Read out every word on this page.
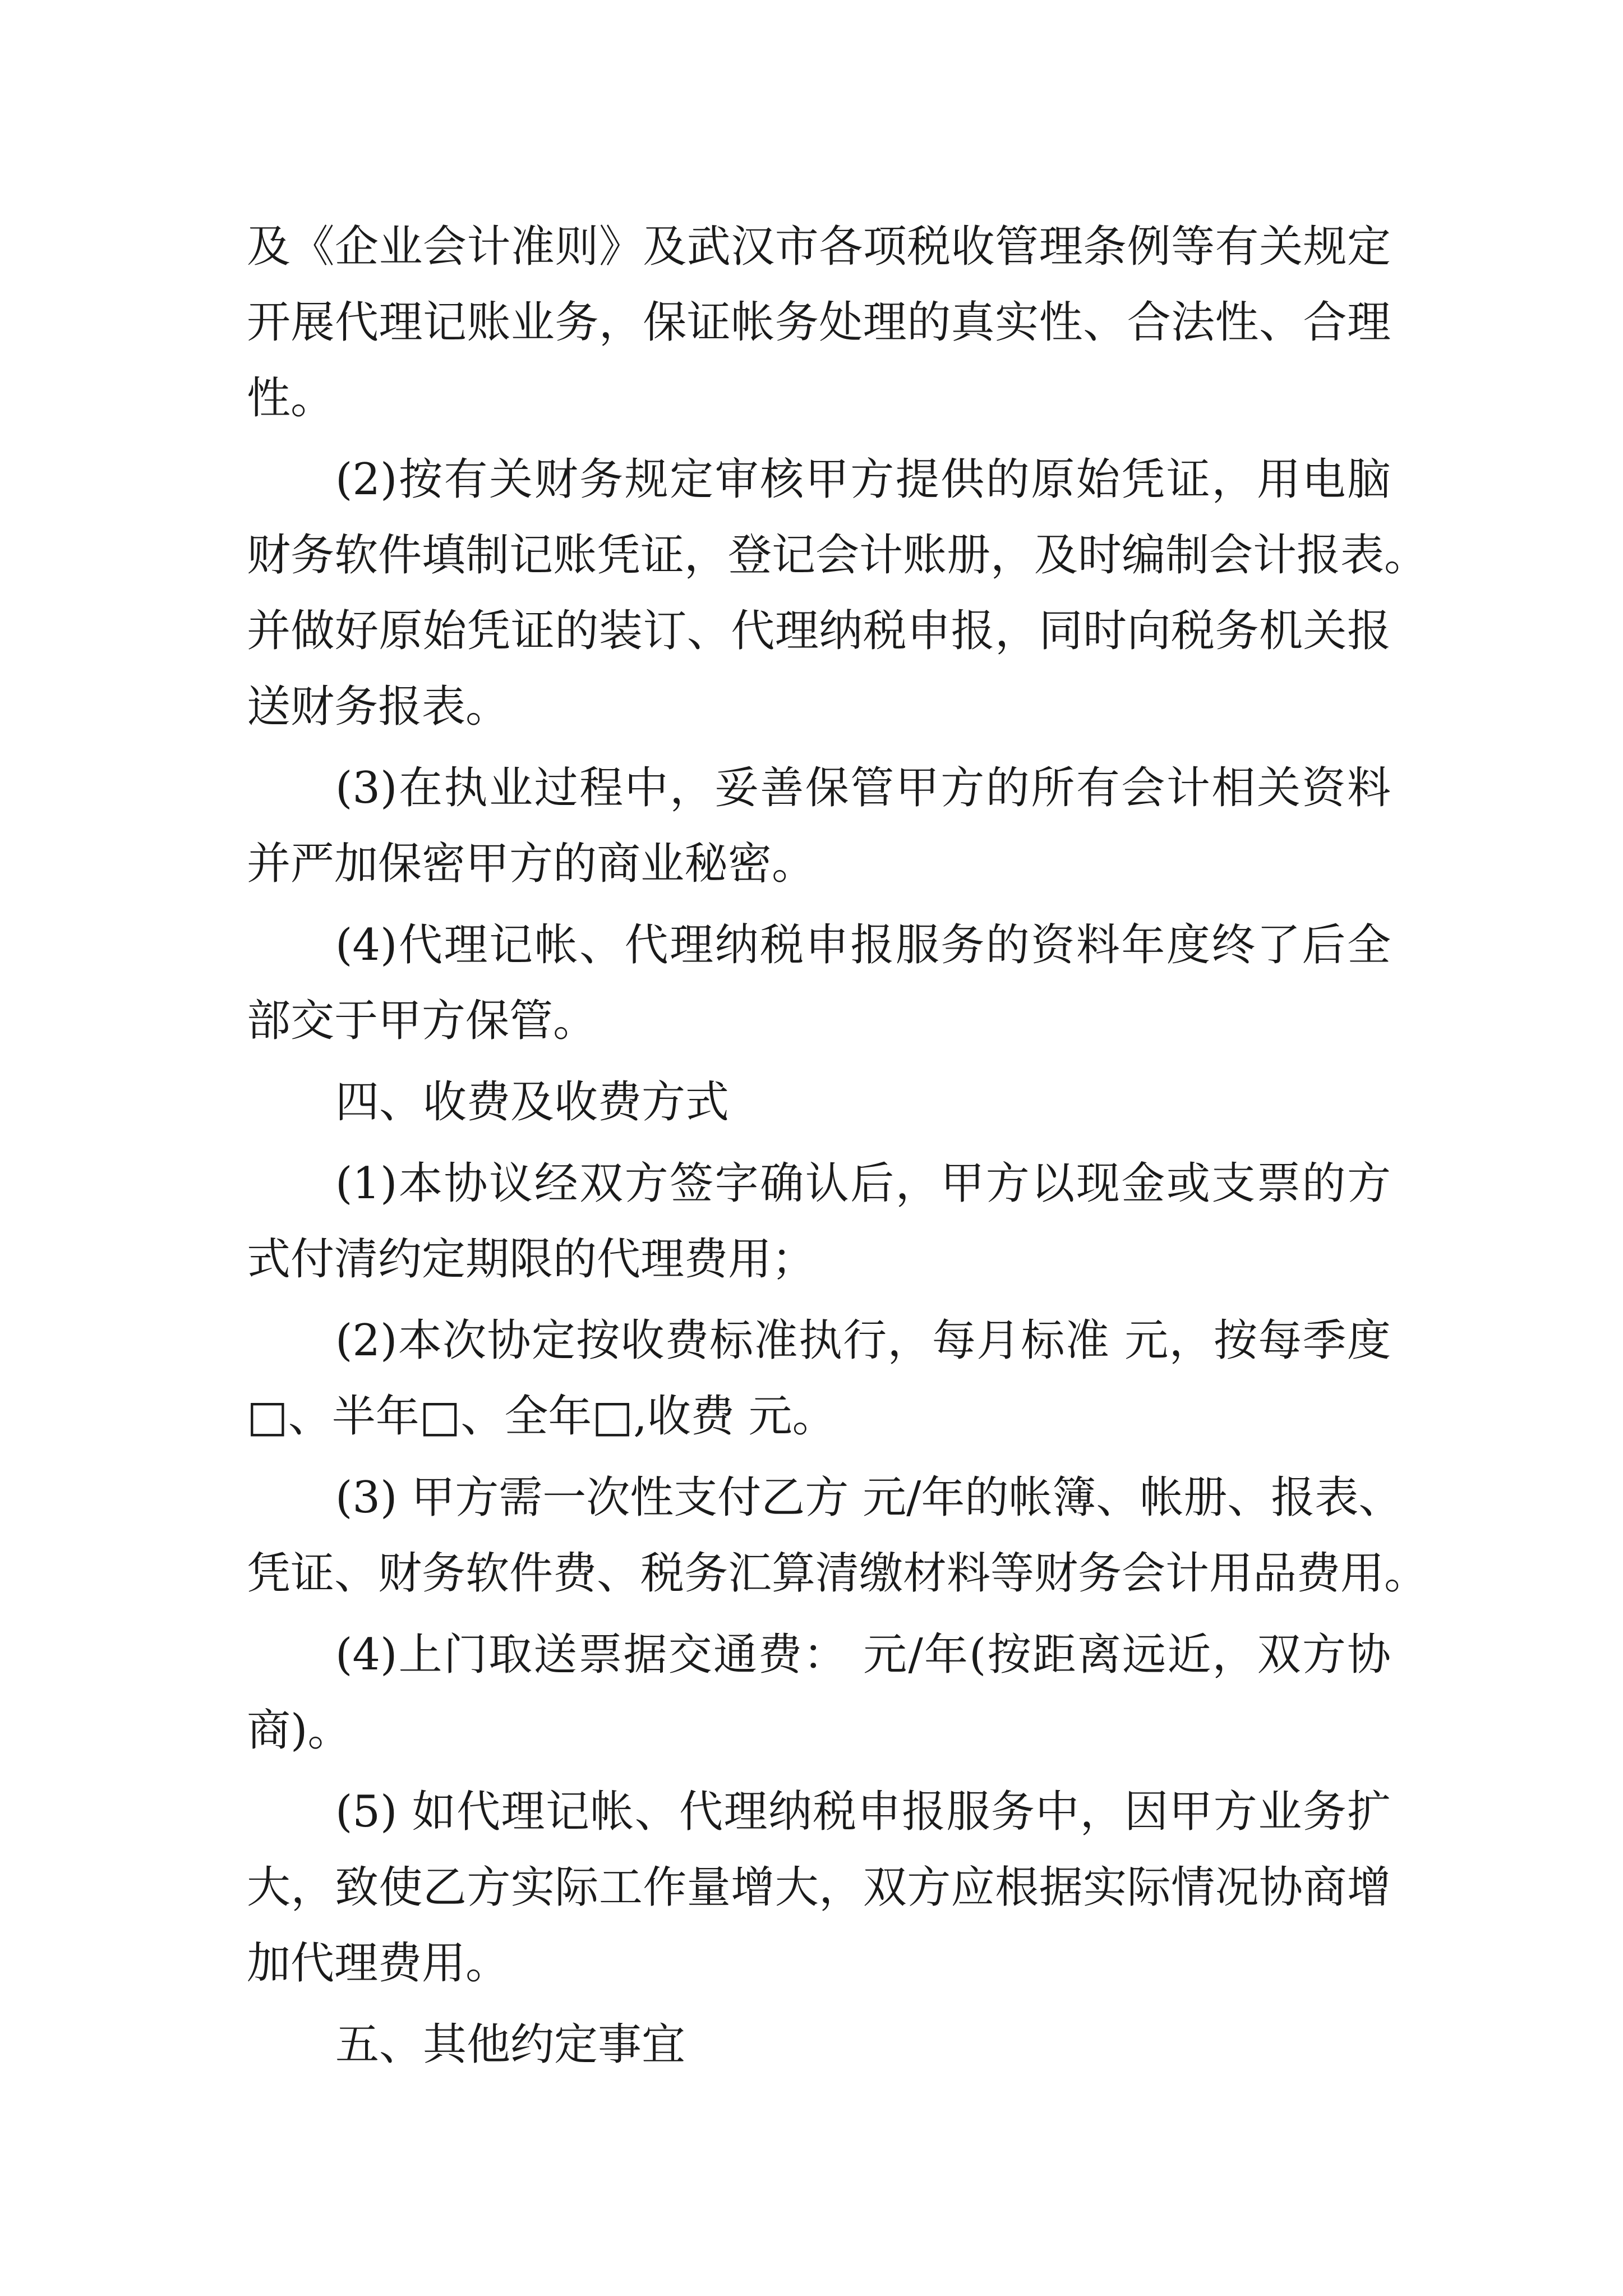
及《企业会计准则》及武汉市各项税收管理条例等有关规定
开展代理记账业务，保证帐务处理的真实性、合法性、合理
性。
(2)按有关财务规定审核甲方提供的原始凭证，用电脑
财务软件填制记账凭证，登记会计账册，及时编制会计报表。
并做好原始凭证的装订、代理纳税申报，同时向税务机关报
送财务报表。
(3)在执业过程中，妥善保管甲方的所有会计相关资料
并严加保密甲方的商业秘密。
(4)代理记帐、代理纳税申报服务的资料年度终了后全
部交于甲方保管。
四、收费及收费方式
(1)本协议经双方签字确认后，甲方以现金或支票的方
式付清约定期限的代理费用；
(2)本次协定按收费标准执行，每月标准 元，按每季度
□、半年□、全年□,收费 元。
(3) 甲方需一次性支付乙方 元/年的帐簿、帐册、报表、
凭证、财务软件费、税务汇算清缴材料等财务会计用品费用。
(4)上门取送票据交通费： 元/年(按距离远近，双方协
商)。
(5) 如代理记帐、代理纳税申报服务中，因甲方业务扩
大，致使乙方实际工作量增大，双方应根据实际情况协商增
加代理费用。
五、其他约定事宜
